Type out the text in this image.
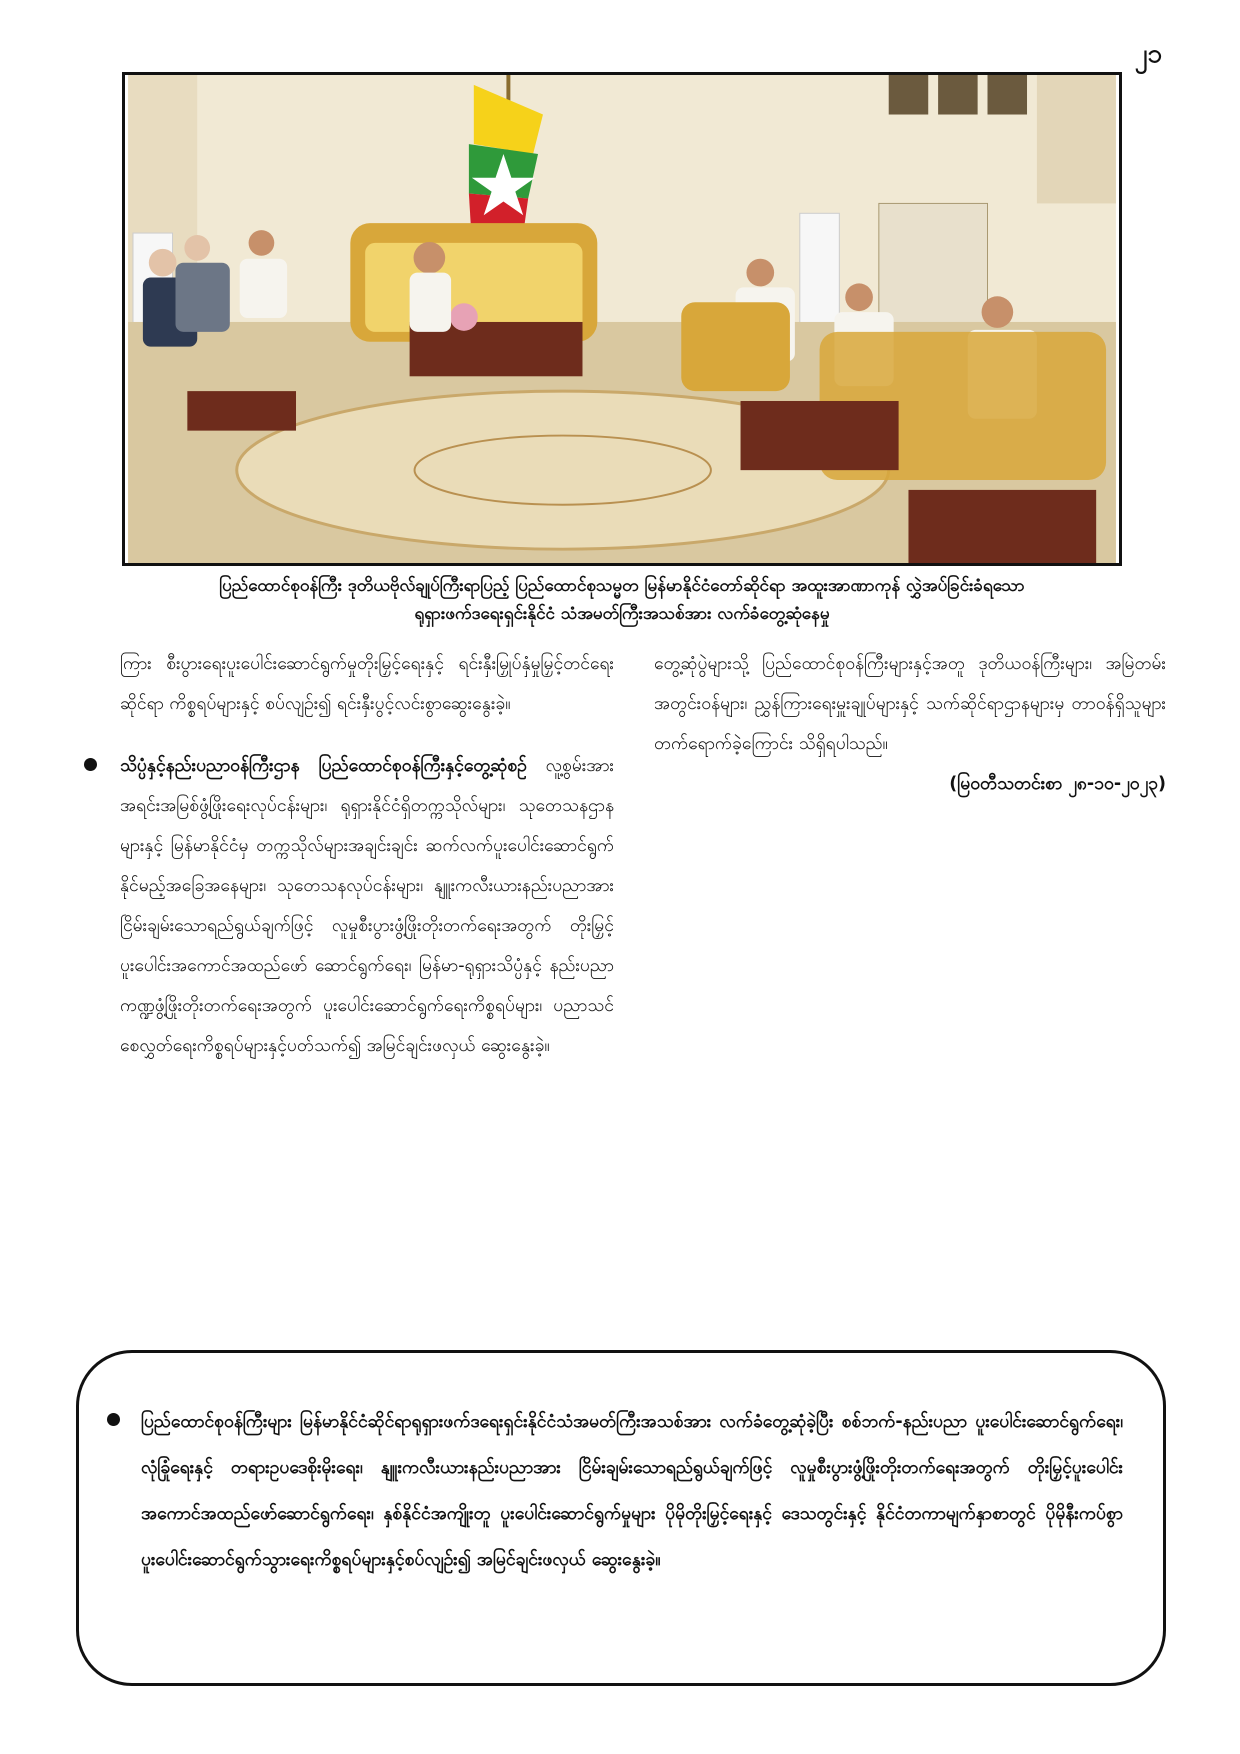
၂၁

ပြည်ထောင်စုဝန်ကြီး ဒုတိယဗိုလ်ချုပ်ကြီးရာပြည့် ပြည်ထောင်စုသမ္မတ မြန်မာနိုင်ငံတော်ဆိုင်ရာ အထူးအာဏာကုန် လွှဲအပ်ခြင်းခံရသော

ရုရှားဖက်ဒရေးရှင်းနိုင်ငံ သံအမတ်ကြီးအသစ်အား လက်ခံတွေ့ဆုံနေမှု

ကြား စီးပွားရေးပူးပေါင်းဆောင်ရွက်မှုတိုးမြှင့်ရေးနှင့် ရင်းနှီးမြှုပ်နှံမှုမြှင့်တင်ရေးဆိုင်ရာ ကိစ္စရပ်များနှင့် စပ်လျဉ်း၍ ရင်းနှီးပွင့်လင်းစွာဆွေးနွေးခဲ့။

သိပ္ပံနှင့်နည်းပညာဝန်ကြီးဌာန ပြည်ထောင်စုဝန်ကြီးနှင့်တွေ့ဆုံစဉ် လူ့စွမ်းအား အရင်းအမြစ်ဖွံ့ဖြိုးရေးလုပ်ငန်းများ၊ ရုရှားနိုင်ငံရှိတက္ကသိုလ်များ၊ သုတေသနဌာနများနှင့် မြန်မာနိုင်ငံမှ တက္ကသိုလ်များအချင်းချင်း ဆက်လက်ပူးပေါင်းဆောင်ရွက်နိုင်မည့်အခြေအနေများ၊ သုတေသနလုပ်ငန်းများ၊ နျူးကလီးယားနည်းပညာအား ငြိမ်းချမ်းသောရည်ရွယ်ချက်ဖြင့် လူမှုစီးပွားဖွံ့ဖြိုးတိုးတက်ရေးအတွက် တိုးမြှင့်ပူးပေါင်းအကောင်အထည်ဖော် ဆောင်ရွက်ရေး၊ မြန်မာ-ရုရှားသိပ္ပံနှင့် နည်းပညာ ကဏ္ဍဖွံ့ဖြိုးတိုးတက်ရေးအတွက် ပူးပေါင်းဆောင်ရွက်ရေးကိစ္စရပ်များ၊ ပညာသင်စေလွှတ်ရေးကိစ္စရပ်များနှင့်ပတ်သက်၍ အမြင်ချင်းဖလှယ် ဆွေးနွေးခဲ့။

တွေ့ဆုံပွဲများသို့ ပြည်ထောင်စုဝန်ကြီးများနှင့်အတူ ဒုတိယဝန်ကြီးများ၊ အမြဲတမ်းအတွင်းဝန်များ၊ ညွှန်ကြားရေးမှူးချုပ်များနှင့် သက်ဆိုင်ရာဌာနများမှ တာဝန်ရှိသူများ တက်ရောက်ခဲ့ကြောင်း သိရှိရပါသည်။

(မြဝတီသတင်းစာ ၂၈-၁၀-၂၀၂၃)

ပြည်ထောင်စုဝန်ကြီးများ မြန်မာနိုင်ငံဆိုင်ရာရုရှားဖက်ဒရေးရှင်းနိုင်ငံသံအမတ်ကြီးအသစ်အား လက်ခံတွေ့ဆုံခဲ့ပြီး စစ်ဘက်-နည်းပညာ ပူးပေါင်းဆောင်ရွက်ရေး၊ လုံခြုံရေးနှင့် တရားဥပဒေစိုးမိုးရေး၊ နျူးကလီးယားနည်းပညာအား ငြိမ်းချမ်းသောရည်ရွယ်ချက်ဖြင့် လူမှုစီးပွားဖွံ့ဖြိုးတိုးတက်ရေးအတွက် တိုးမြှင့်ပူးပေါင်းအကောင်အထည်ဖော်ဆောင်ရွက်ရေး၊ နှစ်နိုင်ငံအကျိုးတူ ပူးပေါင်းဆောင်ရွက်မှုများ ပိုမိုတိုးမြှင့်ရေးနှင့် ဒေသတွင်းနှင့် နိုင်ငံတကာမျက်နှာစာတွင် ပိုမိုနီးကပ်စွာ ပူးပေါင်းဆောင်ရွက်သွားရေးကိစ္စရပ်များနှင့်စပ်လျဉ်း၍ အမြင်ချင်းဖလှယ် ဆွေးနွေးခဲ့။
